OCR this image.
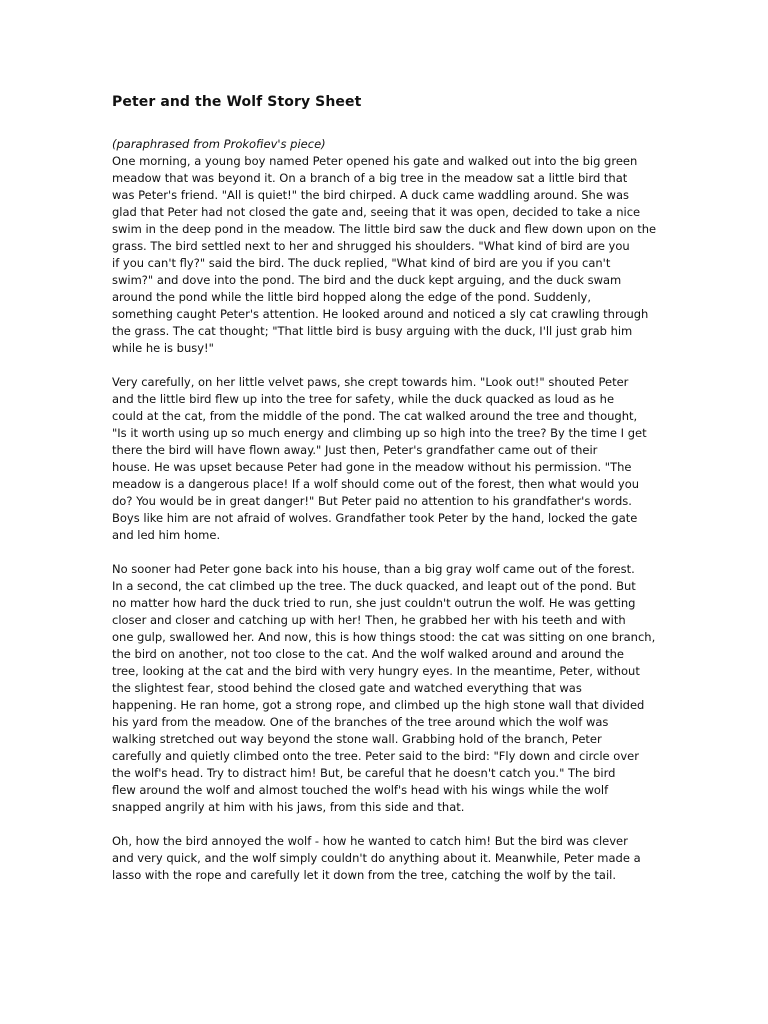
Peter and the Wolf Story Sheet

(paraphrased from Prokofiev's piece)

One morning, a young boy named Peter opened his gate and walked out into the big green
meadow that was beyond it. On a branch of a big tree in the meadow sat a little bird that
was Peter's friend. "All is quiet!" the bird chirped. A duck came waddling around. She was
glad that Peter had not closed the gate and, seeing that it was open, decided to take a nice
swim in the deep pond in the meadow. The little bird saw the duck and flew down upon on the
grass. The bird settled next to her and shrugged his shoulders. "What kind of bird are you
if you can't fly?" said the bird. The duck replied, "What kind of bird are you if you can't
swim?" and dove into the pond. The bird and the duck kept arguing, and the duck swam
around the pond while the little bird hopped along the edge of the pond. Suddenly,
something caught Peter's attention. He looked around and noticed a sly cat crawling through
the grass. The cat thought; "That little bird is busy arguing with the duck, I'll just grab him
while he is busy!"

Very carefully, on her little velvet paws, she crept towards him. "Look out!" shouted Peter
and the little bird flew up into the tree for safety, while the duck quacked as loud as he
could at the cat, from the middle of the pond. The cat walked around the tree and thought,
"Is it worth using up so much energy and climbing up so high into the tree? By the time I get
there the bird will have flown away." Just then, Peter's grandfather came out of their
house. He was upset because Peter had gone in the meadow without his permission. "The
meadow is a dangerous place! If a wolf should come out of the forest, then what would you
do? You would be in great danger!" But Peter paid no attention to his grandfather's words.
Boys like him are not afraid of wolves. Grandfather took Peter by the hand, locked the gate
and led him home.

No sooner had Peter gone back into his house, than a big gray wolf came out of the forest.
In a second, the cat climbed up the tree. The duck quacked, and leapt out of the pond. But
no matter how hard the duck tried to run, she just couldn't outrun the wolf. He was getting
closer and closer and catching up with her! Then, he grabbed her with his teeth and with
one gulp, swallowed her. And now, this is how things stood: the cat was sitting on one branch,
the bird on another, not too close to the cat. And the wolf walked around and around the
tree, looking at the cat and the bird with very hungry eyes. In the meantime, Peter, without
the slightest fear, stood behind the closed gate and watched everything that was
happening. He ran home, got a strong rope, and climbed up the high stone wall that divided
his yard from the meadow. One of the branches of the tree around which the wolf was
walking stretched out way beyond the stone wall. Grabbing hold of the branch, Peter
carefully and quietly climbed onto the tree. Peter said to the bird: "Fly down and circle over
the wolf's head. Try to distract him! But, be careful that he doesn't catch you." The bird
flew around the wolf and almost touched the wolf's head with his wings while the wolf
snapped angrily at him with his jaws, from this side and that.

Oh, how the bird annoyed the wolf - how he wanted to catch him! But the bird was clever
and very quick, and the wolf simply couldn't do anything about it. Meanwhile, Peter made a
lasso with the rope and carefully let it down from the tree, catching the wolf by the tail.
